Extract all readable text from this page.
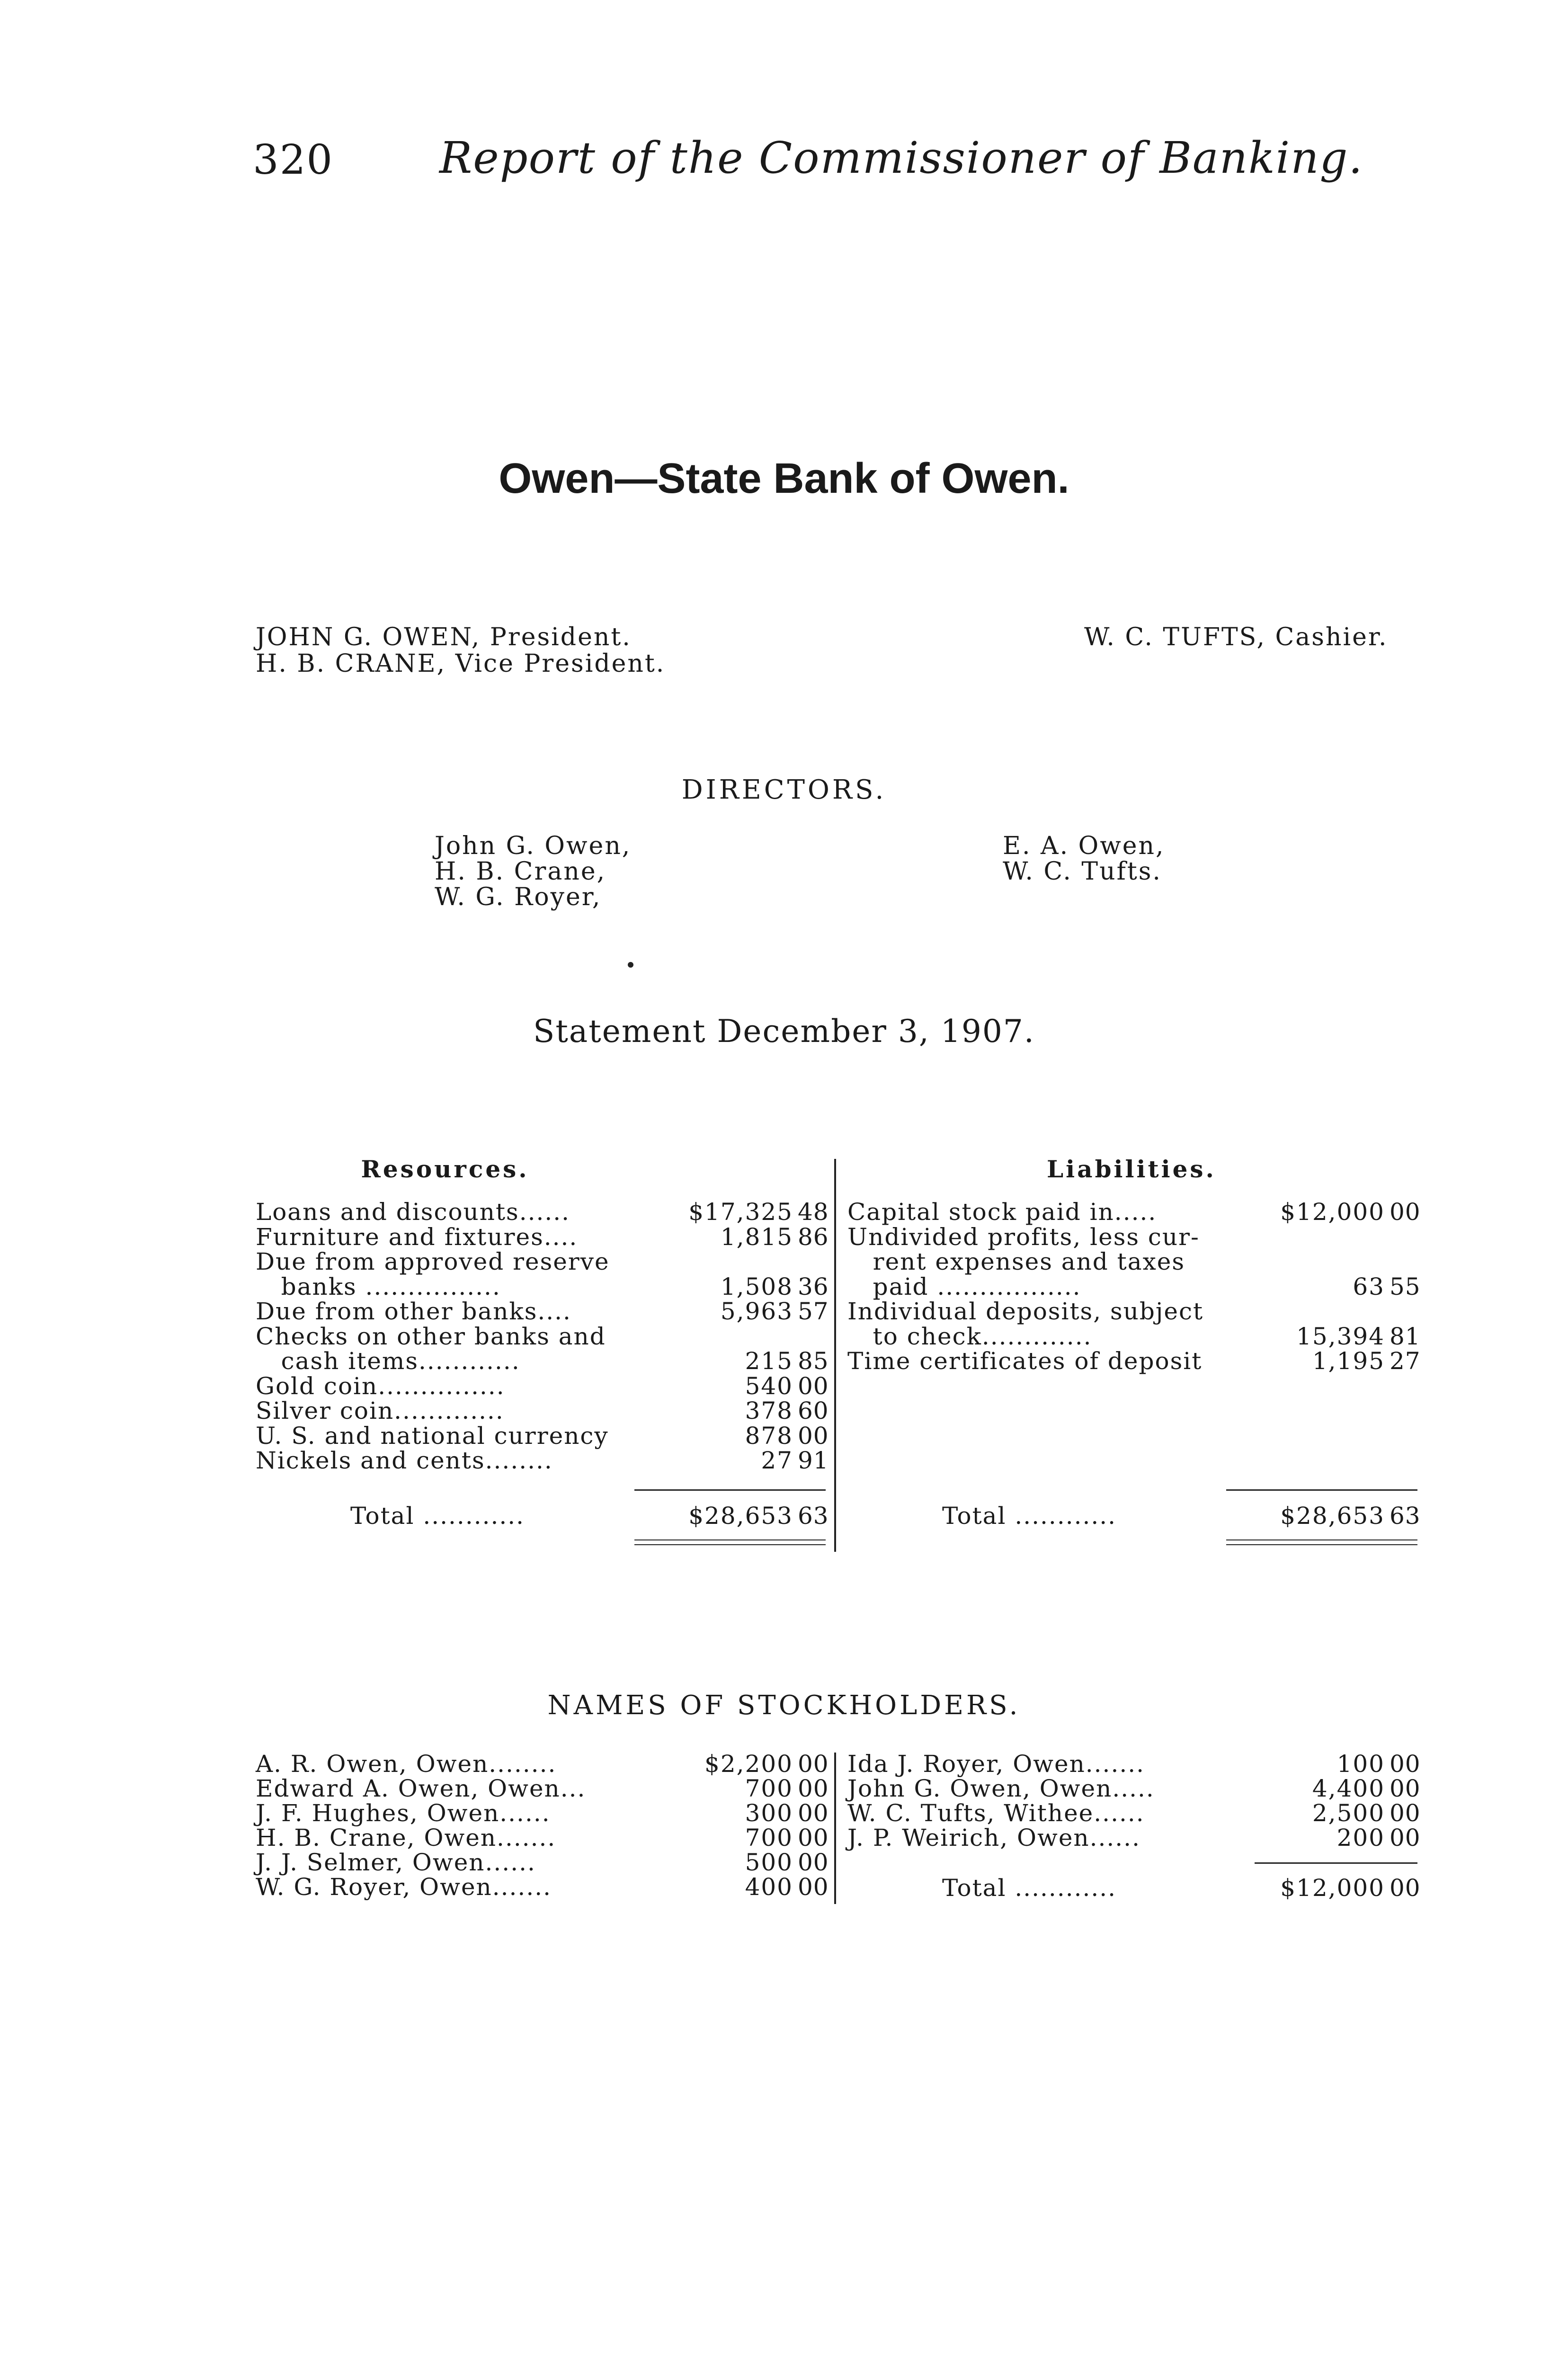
320 Report of the Commissioner of Banking.
Owen—State Bank of Owen.
JOHN G. OWEN, President.
H. B. CRANE, Vice President.
W. C. TUFTS, Cashier.
DIRECTORS.
John G. Owen,
H. B. Crane,
W. G. Royer,
E. A. Owen,
W. C. Tufts.
Statement December 3, 1907.
Resources.	Liabilities.
Loans and discounts......	$17,325 48
Furniture and fixtures....	1,815 86
Due from approved reserve
banks ................	1,508 36
Due from other banks....	5,963 57
Checks on other banks and
cash items............	215 85
Gold coin...............	540 00
Silver coin.............	378 60
U. S. and national currency	878 00
Nickels and cents........	27 91
Total ............	$28,653 63
Capital stock paid in.....	$12,000 00
Undivided profits, less cur-
rent expenses and taxes
paid .................	63 55
Individual deposits, subject
to check.............	15,394 81
Time certificates of deposit	1,195 27
Total ............	$28,653 63
NAMES OF STOCKHOLDERS.
A. R. Owen, Owen........	$2,200 00
Edward A. Owen, Owen...	700 00
J. F. Hughes, Owen......	300 00
H. B. Crane, Owen.......	700 00
J. J. Selmer, Owen......	500 00
W. G. Royer, Owen.......	400 00
Ida J. Royer, Owen.......	100 00
John G. Owen, Owen.....	4,400 00
W. C. Tufts, Withee......	2,500 00
J. P. Weirich, Owen......	200 00
Total ............	$12,000 00
